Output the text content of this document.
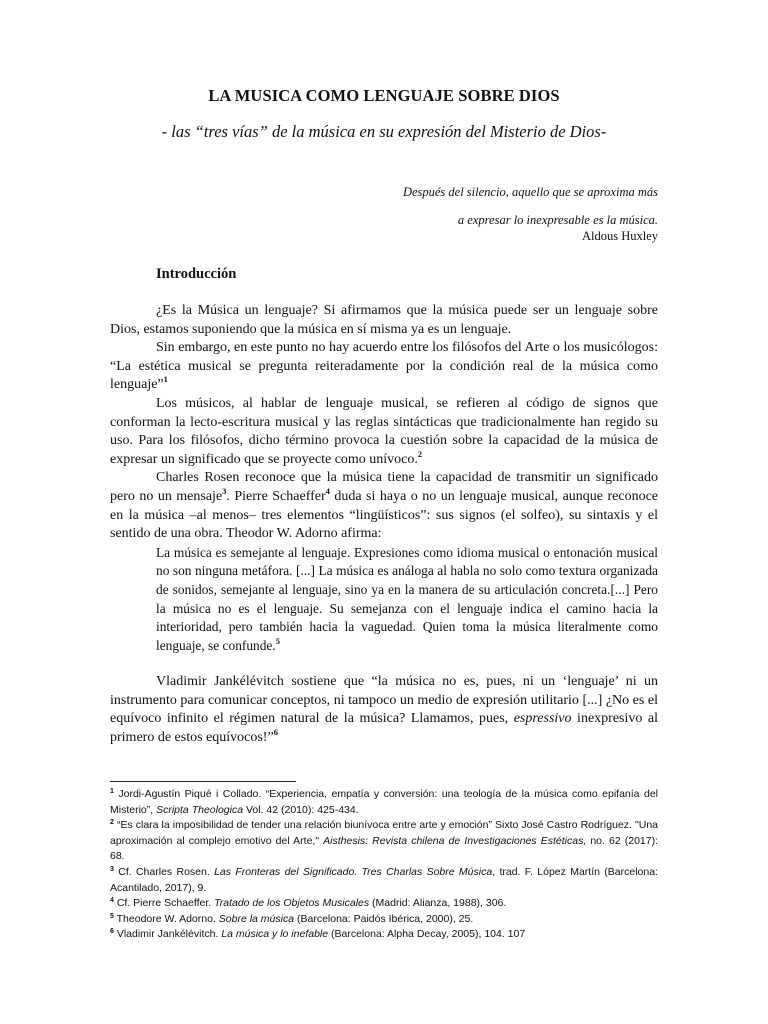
LA MUSICA COMO LENGUAJE SOBRE DIOS
- las “tres vías” de la música en su expresión del Misterio de Dios-
Después del silencio, aquello que se aproxima más
a expresar lo inexpresable es la música.
Aldous Huxley
Introducción

¿Es la Música un lenguaje? Si afirmamos que la música puede ser un lenguaje sobre Dios, estamos suponiendo que la música en sí misma ya es un lenguaje.

Sin embargo, en este punto no hay acuerdo entre los filósofos del Arte o los musicólogos: “La estética musical se pregunta reiteradamente por la condición real de la música como lenguaje”$^1$

Los músicos, al hablar de lenguaje musical, se refieren al código de signos que conforman la lecto-escritura musical y las reglas sintácticas que tradicionalmente han regido su uso. Para los filósofos, dicho término provoca la cuestión sobre la capacidad de la música de expresar un significado que se proyecte como unívoco.$^2$

Charles Rosen reconoce que la música tiene la capacidad de transmitir un significado pero no un mensaje$^3$. Pierre Schaeffer$^4$ duda si haya o no un lenguaje musical, aunque reconoce en la música –al menos– tres elementos “lingüísticos”: sus signos (el solfeo), su sintaxis y el sentido de una obra. Theodor W. Adorno afirma:

La música es semejante al lenguaje. Expresiones como idioma musical o entonación musical no son ninguna metáfora. [...] La música es análoga al habla no solo como textura organizada de sonidos, semejante al lenguaje, sino ya en la manera de su articulación concreta.[...] Pero la música no es el lenguaje. Su semejanza con el lenguaje indica el camino hacia la interioridad, pero también hacia la vaguedad. Quien toma la música literalmente como lenguaje, se confunde.$^5$

Vladimir Jankélévitch sostiene que “la música no es, pues, ni un ‘lenguaje’ ni un instrumento para comunicar conceptos, ni tampoco un medio de expresión utilitario [...] ¿No es el equívoco infinito el régimen natural de la música? Llamamos, pues, espressivo inexpresivo al primero de estos equívocos!”$^6$

$^1$ Jordi-Agustín Piqué i Collado. “Experiencia, empatía y conversión: una teología de la música como epifanía del Misterio”, Scripta Theologica Vol. 42 (2010): 425-434.

$^2$ “Es clara la imposibilidad de tender una relación biunívoca entre arte y emoción” Sixto José Castro Rodríguez. "Una aproximación al complejo emotivo del Arte," Aisthesis: Revista chilena de Investigaciones Estéticas, no. 62 (2017): 68.

$^3$ Cf. Charles Rosen. Las Fronteras del Significado. Tres Charlas Sobre Música, trad. F. López Martín (Barcelona: Acantilado, 2017), 9.

$^4$ Cf. Pierre Schaeffer. Tratado de los Objetos Musicales (Madrid: Alianza, 1988), 306.

$^5$ Theodore W. Adorno. Sobre la música (Barcelona: Paidós Ibérica, 2000), 25.

$^6$ Vladimir Jankélévitch. La música y lo inefable (Barcelona: Alpha Decay, 2005), 104. 107
